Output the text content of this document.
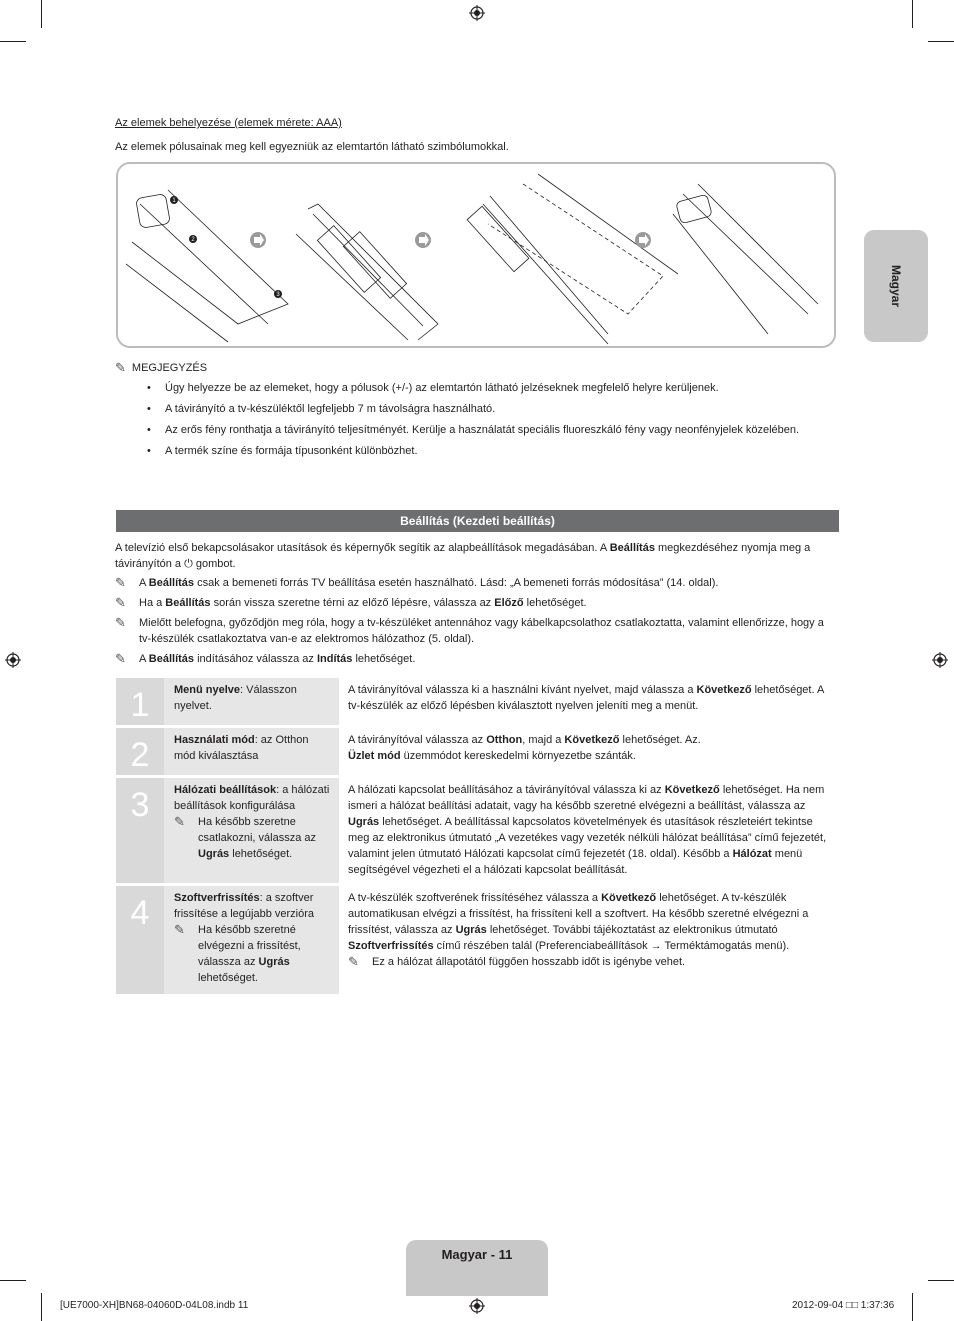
Az elemek behelyezése (elemek mérete: AAA)
Az elemek pólusainak meg kell egyezniük az elemtartón látható szimbólumokkal.
1
2
3
✎ MEGJEGYZÉS
• Úgy helyezze be az elemeket, hogy a pólusok (+/-) az elemtartón látható jelzéseknek megfelelő helyre kerüljenek.
• A távirányító a tv-készüléktől legfeljebb 7 m távolságra használható.
• Az erős fény ronthatja a távirányító teljesítményét. Kerülje a használatát speciális fluoreszkáló fény vagy neonfényjelek közelében.
• A termék színe és formája típusonként különbözhet.
Magyar
Beállítás (Kezdeti beállítás)
A televízió első bekapcsolásakor utasítások és képernyők segítik az alapbeállítások megadásában. A Beállítás megkezdéséhez nyomja meg a távirányítón a ⏻ gombot.
✎	A Beállítás csak a bemeneti forrás TV beállítása esetén használható. Lásd: „A bemeneti forrás módosítása” (14. oldal).
✎	Ha a Beállítás során vissza szeretne térni az előző lépésre, válassza az Előző lehetőséget.
✎	Mielőtt belefogna, győződjön meg róla, hogy a tv-készüléket antennához vagy kábelkapcsolathoz csatlakoztatta, valamint ellenőrizze, hogy a tv-készülék csatlakoztatva van-e az elektromos hálózathoz (5. oldal).
✎	A Beállítás indításához válassza az Indítás lehetőséget.
1	Menü nyelve: Válasszon nyelvet.
A távirányítóval válassza ki a használni kívánt nyelvet, majd válassza a Következő lehetőséget. A tv-készülék az előző lépésben kiválasztott nyelven jeleníti meg a menüt.
2	Használati mód: az Otthon mód kiválasztása
A távirányítóval válassza az Otthon, majd a Következő lehetőséget. Az.
Üzlet mód üzemmódot kereskedelmi környezetbe szánták.
3	Hálózati beállítások: a hálózati beállítások konfigurálása
✎	Ha később szeretne csatlakozni, válassza az Ugrás lehetőséget.
A hálózati kapcsolat beállításához a távirányítóval válassza ki az Következő lehetőséget. Ha nem ismeri a hálózat beállítási adatait, vagy ha később szeretné elvégezni a beállítást, válassza az Ugrás lehetőséget. A beállítással kapcsolatos követelmények és utasítások részleteiért tekintse meg az elektronikus útmutató „A vezetékes vagy vezeték nélküli hálózat beállítása” című fejezetét, valamint jelen útmutató Hálózati kapcsolat című fejezetét (18. oldal). Később a Hálózat menü segítségével végezheti el a hálózati kapcsolat beállítását.
4	Szoftverfrissítés: a szoftver frissítése a legújabb verzióra
✎	Ha később szeretné elvégezni a frissítést, válassza az Ugrás lehetőséget.
A tv-készülék szoftverének frissítéséhez válassza a Következő lehetőséget. A tv-készülék automatikusan elvégzi a frissítést, ha frissíteni kell a szoftvert. Ha később szeretné elvégezni a frissítést, válassza az Ugrás lehetőséget. További tájékoztatást az elektronikus útmutató Szoftverfrissítés című részében talál (Preferenciabeállítások → Terméktámogatás menü).
✎	Ez a hálózat állapotától függően hosszabb időt is igénybe vehet.
Magyar - 11
[UE7000-XH]BN68-04060D-04L08.indb 11	2012-09-04 □□ 1:37:36
